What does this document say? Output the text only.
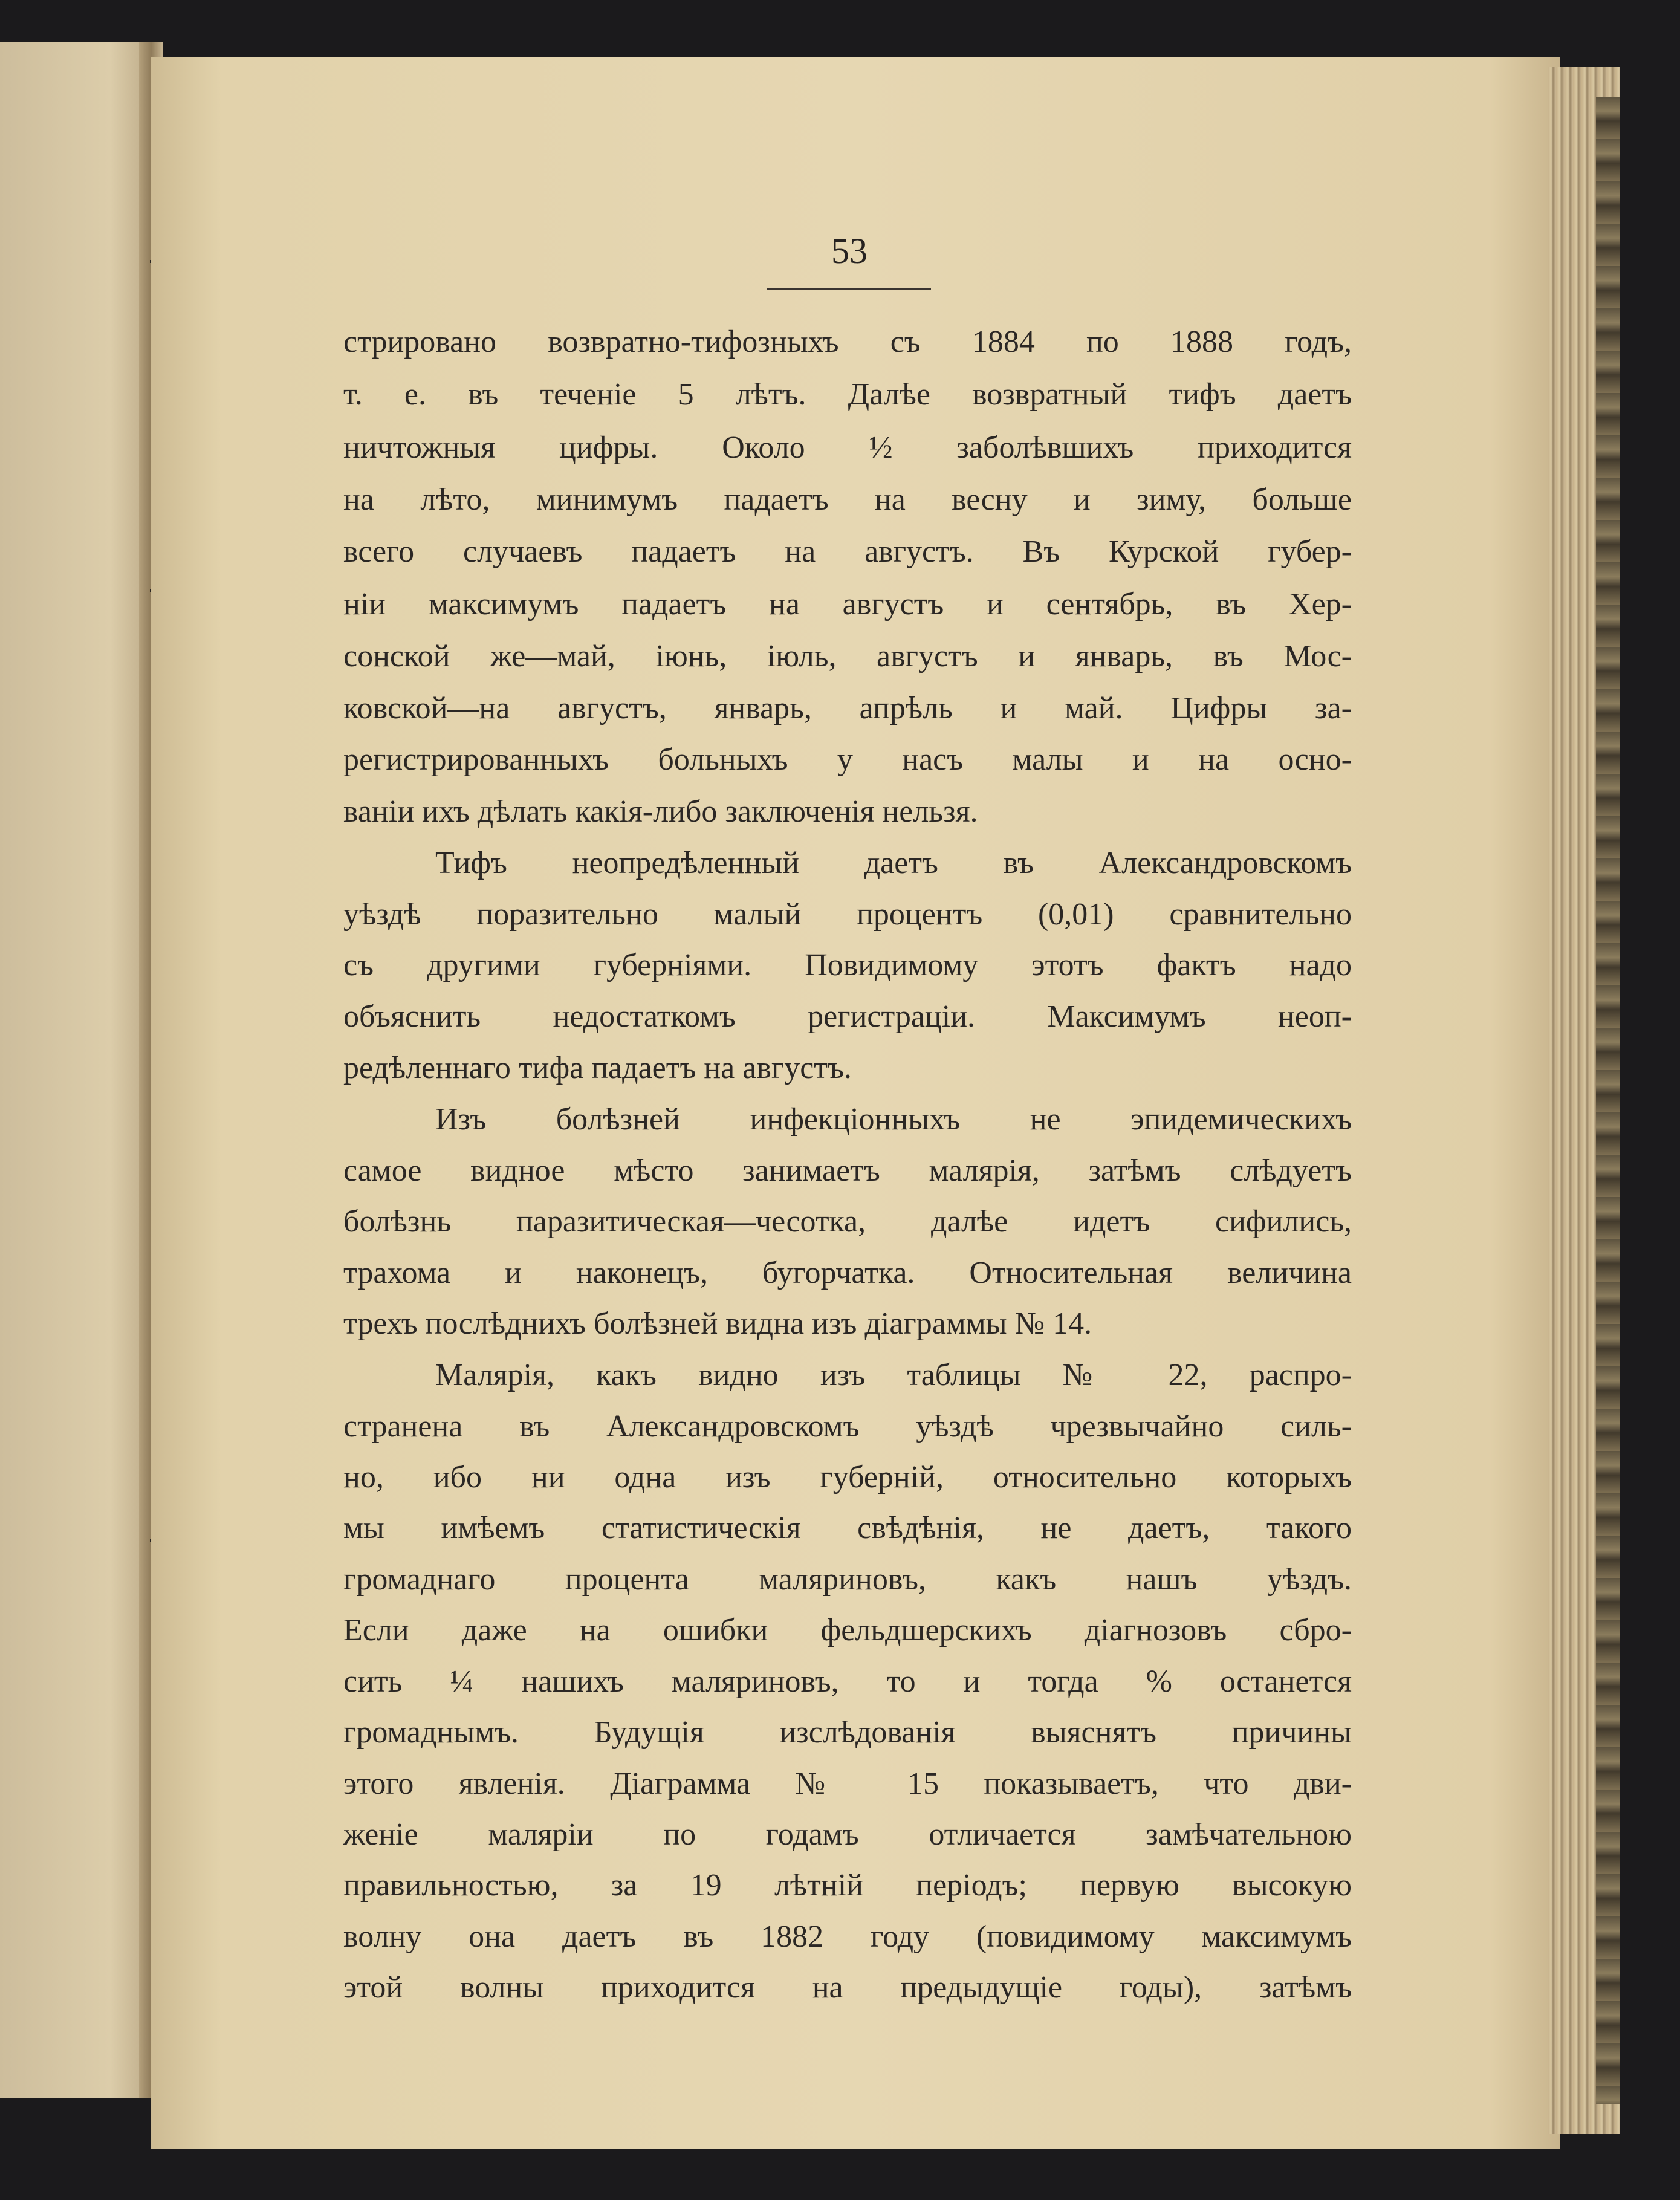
53
стрировано возвратно-тифозныхъ съ 1884 по 1888 годъ,
т. е. въ теченіе 5 лѣтъ. Далѣе возвратный тифъ даетъ
ничтожныя цифры. Около ½ заболѣвшихъ приходится
на лѣто, минимумъ падаетъ на весну и зиму, больше
всего случаевъ падаетъ на августъ. Въ Курской губер-
ніи максимумъ падаетъ на августъ и сентябрь, въ Хер-
сонской же—май, іюнь, іюль, августъ и январь, въ Мос-
ковской—на августъ, январь, апрѣль и май. Цифры за-
регистрированныхъ больныхъ у насъ малы и на осно-
ваніи ихъ дѣлать какія-либо заключенія нельзя.
Тифъ неопредѣленный даетъ въ Александровскомъ
уѣздѣ поразительно малый процентъ (0,01) сравнительно
съ другими губерніями. Повидимому этотъ фактъ надо
объяснить недостаткомъ регистраціи. Максимумъ неоп-
редѣленнаго тифа падаетъ на августъ.
Изъ болѣзней инфекціонныхъ не эпидемическихъ
самое видное мѣсто занимаетъ малярія, затѣмъ слѣдуетъ
болѣзнь паразитическая—чесотка, далѣе идетъ сифились,
трахома и наконецъ, бугорчатка. Относительная величина
трехъ послѣднихъ болѣзней видна изъ діаграммы № 14.
Малярія, какъ видно изъ таблицы № 22, распро-
странена въ Александровскомъ уѣздѣ чрезвычайно силь-
но, ибо ни одна изъ губерній, относительно которыхъ
мы имѣемъ статистическія свѣдѣнія, не даетъ, такого
громаднаго процента маляриновъ, какъ нашъ уѣздъ.
Если даже на ошибки фельдшерскихъ діагнозовъ сбро-
сить ¼ нашихъ маляриновъ, то и тогда % останется
громаднымъ. Будущія изслѣдованія выяснятъ причины
этого явленія. Діаграмма № 15 показываетъ, что дви-
женіе маляріи по годамъ отличается замѣчательною
правильностью, за 19 лѣтній періодъ; первую высокую
волну она даетъ въ 1882 году (повидимому максимумъ
этой волны приходится на предыдущіе годы), затѣмъ
